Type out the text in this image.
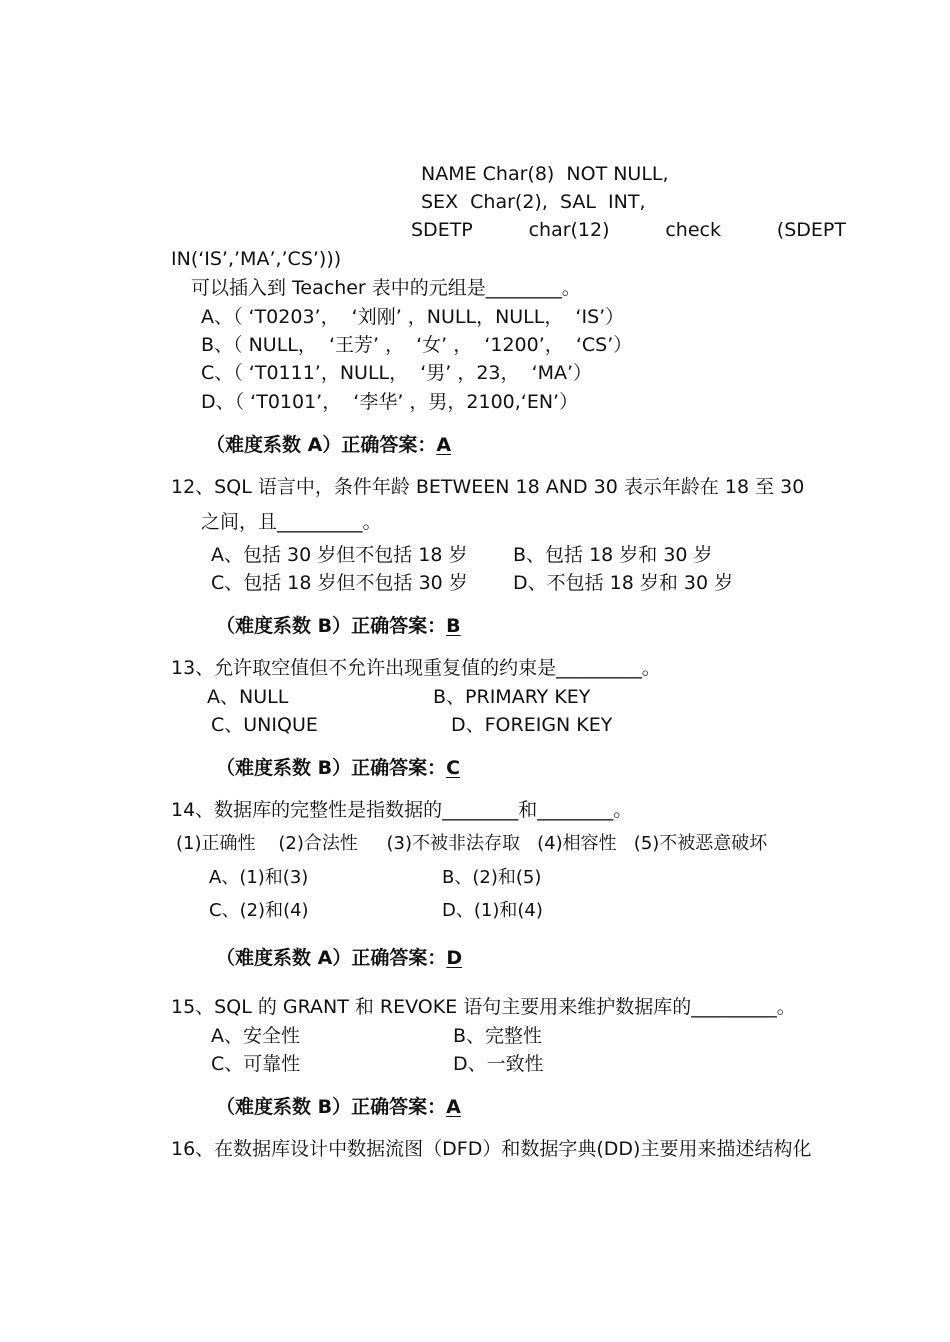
NAME Char(8)  NOT NULL,
SEX  Char(2),  SAL  INT,
SDETP	char(12)	check	(SDEPT
IN(‘IS’,’MA’,’CS’)))
可以插入到 Teacher 表中的元组是________。
A、（ ‘T0203’，  ‘刘刚’ ，NULL，NULL，  ‘IS’）
B、（ NULL，  ‘王芳’ ，  ‘女’ ，  ‘1200’，  ‘CS’）
C、（ ‘T0111’，NULL，  ‘男’ ，23，  ‘MA’）
D、（ ‘T0101’，  ‘李华’ ，男，2100,‘EN’）
（难度系数 A）正确答案：A
12、SQL 语言中，条件年龄 BETWEEN 18 AND 30 表示年龄在 18 至 30
之间，且_________。
A、包括 30 岁但不包括 18 岁 B、包括 18 岁和 30 岁
C、包括 18 岁但不包括 30 岁 D、不包括 18 岁和 30 岁
（难度系数 B）正确答案：B
13、允许取空值但不允许出现重复值的约束是_________。
A、NULL	B、PRIMARY KEY
C、UNIQUE	D、FOREIGN KEY
（难度系数 B）正确答案：C
14、数据库的完整性是指数据的________和________。
(1)正确性    (2)合法性     (3)不被非法存取   (4)相容性   (5)不被恶意破坏
A、(1)和(3)	B、(2)和(5)
C、(2)和(4)	D、(1)和(4)
（难度系数 A）正确答案：D
15、SQL 的 GRANT 和 REVOKE 语句主要用来维护数据库的_________。
A、安全性	B、完整性
C、可靠性	D、一致性
（难度系数 B）正确答案：A
16、在数据库设计中数据流图（DFD）和数据字典(DD)主要用来描述结构化
